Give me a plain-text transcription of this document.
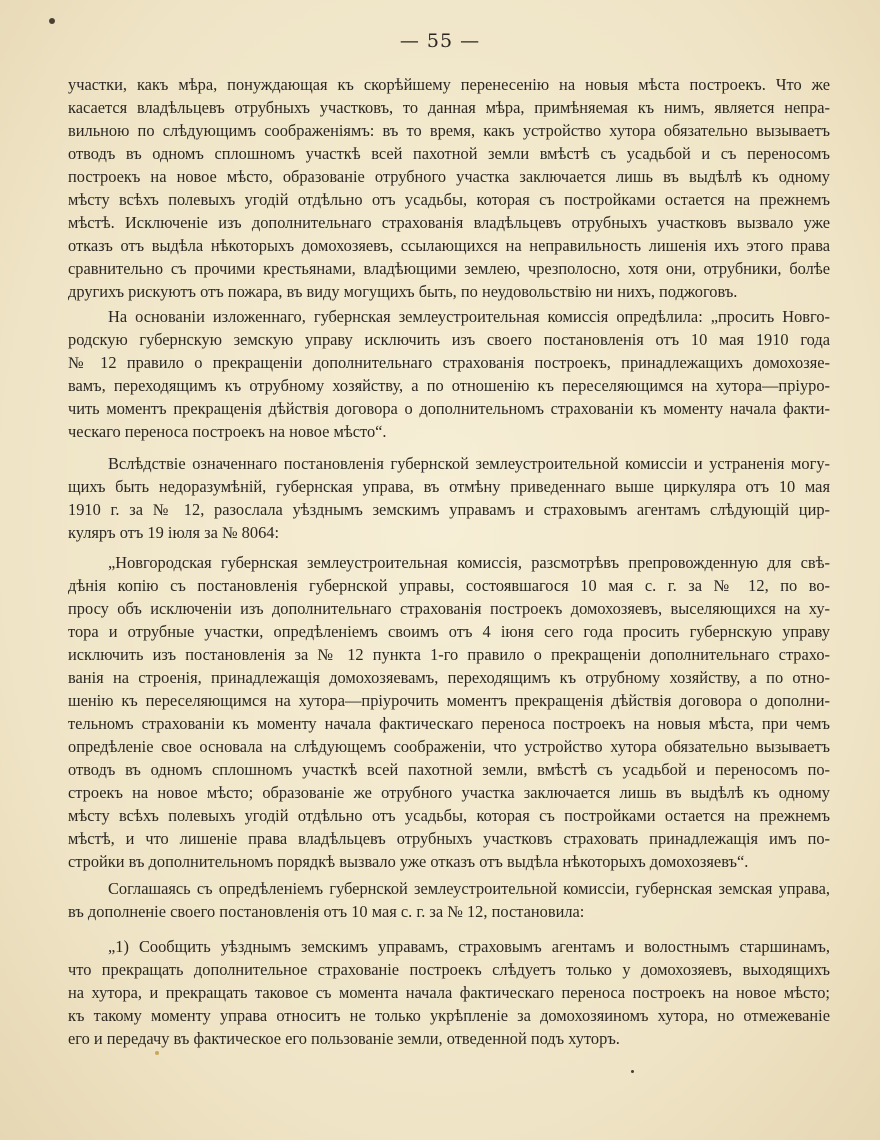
— 55 —
участки, какъ мѣра, понуждающая къ скорѣйшему перенесенію на новыя мѣста построекъ. Что же
касается владѣльцевъ отрубныхъ участковъ, то данная мѣра, примѣняемая къ нимъ, является непра-
вильною по слѣдующимъ соображеніямъ: въ то время, какъ устройство хутора обязательно вызываетъ
отводъ въ одномъ сплошномъ участкѣ всей пахотной земли вмѣстѣ съ усадьбой и съ переносомъ
построекъ на новое мѣсто, образованіе отрубного участка заключается лишь въ выдѣлѣ къ одному
мѣсту всѣхъ полевыхъ угодій отдѣльно отъ усадьбы, которая съ постройками остается на прежнемъ
мѣстѣ. Исключеніе изъ дополнительнаго страхованія владѣльцевъ отрубныхъ участковъ вызвало уже
отказъ отъ выдѣла нѣкоторыхъ домохозяевъ, ссылающихся на неправильность лишенія ихъ этого права
сравнительно съ прочими крестьянами, владѣющими землею, чрезполосно, хотя они, отрубники, болѣе
другихъ рискуютъ отъ пожара, въ виду могущихъ быть, по неудовольствію ни нихъ, поджоговъ.
На основаніи изложеннаго, губернская землеустроительная комиссія опредѣлила: „просить Новго-
родскую губернскую земскую управу исключить изъ своего постановленія отъ 10 мая 1910 года
№ 12 правило о прекращеніи дополнительнаго страхованія построекъ, принадлежащихъ домохозяе-
вамъ, переходящимъ къ отрубному хозяйству, а по отношенію къ переселяющимся на хутора—пріуро-
чить моментъ прекращенія дѣйствія договора о дополнительномъ страхованіи къ моменту начала факти-
ческаго переноса построекъ на новое мѣсто“.
Вслѣдствіе означеннаго постановленія губернской землеустроительной комиссіи и устраненія могу-
щихъ быть недоразумѣній, губернская управа, въ отмѣну приведеннаго выше циркуляра отъ 10 мая
1910 г. за № 12, разослала уѣзднымъ земскимъ управамъ и страховымъ агентамъ слѣдующій цир-
куляръ отъ 19 іюля за № 8064:
„Новгородская губернская землеустроительная комиссія, разсмотрѣвъ препровожденную для свѣ-
дѣнія копію съ постановленія губернской управы, состоявшагося 10 мая с. г. за № 12, по во-
просу объ исключеніи изъ дополнительнаго страхованія построекъ домохозяевъ, выселяющихся на ху-
тора и отрубные участки, опредѣленіемъ своимъ отъ 4 іюня сего года просить губернскую управу
исключить изъ постановленія за № 12 пункта 1-го правило о прекращеніи дополнительнаго страхо-
ванія на строенія, принадлежащія домохозяевамъ, переходящимъ къ отрубному хозяйству, а по отно-
шенію къ переселяющимся на хутора—пріурочить моментъ прекращенія дѣйствія договора о дополни-
тельномъ страхованіи къ моменту начала фактическаго переноса построекъ на новыя мѣста, при чемъ
опредѣленіе свое основала на слѣдующемъ соображеніи, что устройство хутора обязательно вызываетъ
отводъ въ одномъ сплошномъ участкѣ всей пахотной земли, вмѣстѣ съ усадьбой и переносомъ по-
строекъ на новое мѣсто; образованіе же отрубного участка заключается лишь въ выдѣлѣ къ одному
мѣсту всѣхъ полевыхъ угодій отдѣльно отъ усадьбы, которая съ постройками остается на прежнемъ
мѣстѣ, и что лишеніе права владѣльцевъ отрубныхъ участковъ страховать принадлежащія имъ по-
стройки въ дополнительномъ порядкѣ вызвало уже отказъ отъ выдѣла нѣкоторыхъ домохозяевъ“.
Соглашаясь съ опредѣленіемъ губернской землеустроительной комиссіи, губернская земская управа,
въ дополненіе своего постановленія отъ 10 мая с. г. за № 12, постановила:
„1) Сообщить уѣзднымъ земскимъ управамъ, страховымъ агентамъ и волостнымъ старшинамъ,
что прекращать дополнительное страхованіе построекъ слѣдуетъ только у домохозяевъ, выходящихъ
на хутора, и прекращать таковое съ момента начала фактическаго переноса построекъ на новое мѣсто;
къ такому моменту управа относитъ не только укрѣпленіе за домохозяиномъ хутора, но отмежеваніе
его и передачу въ фактическое его пользованіе земли, отведенной подъ хуторъ.
